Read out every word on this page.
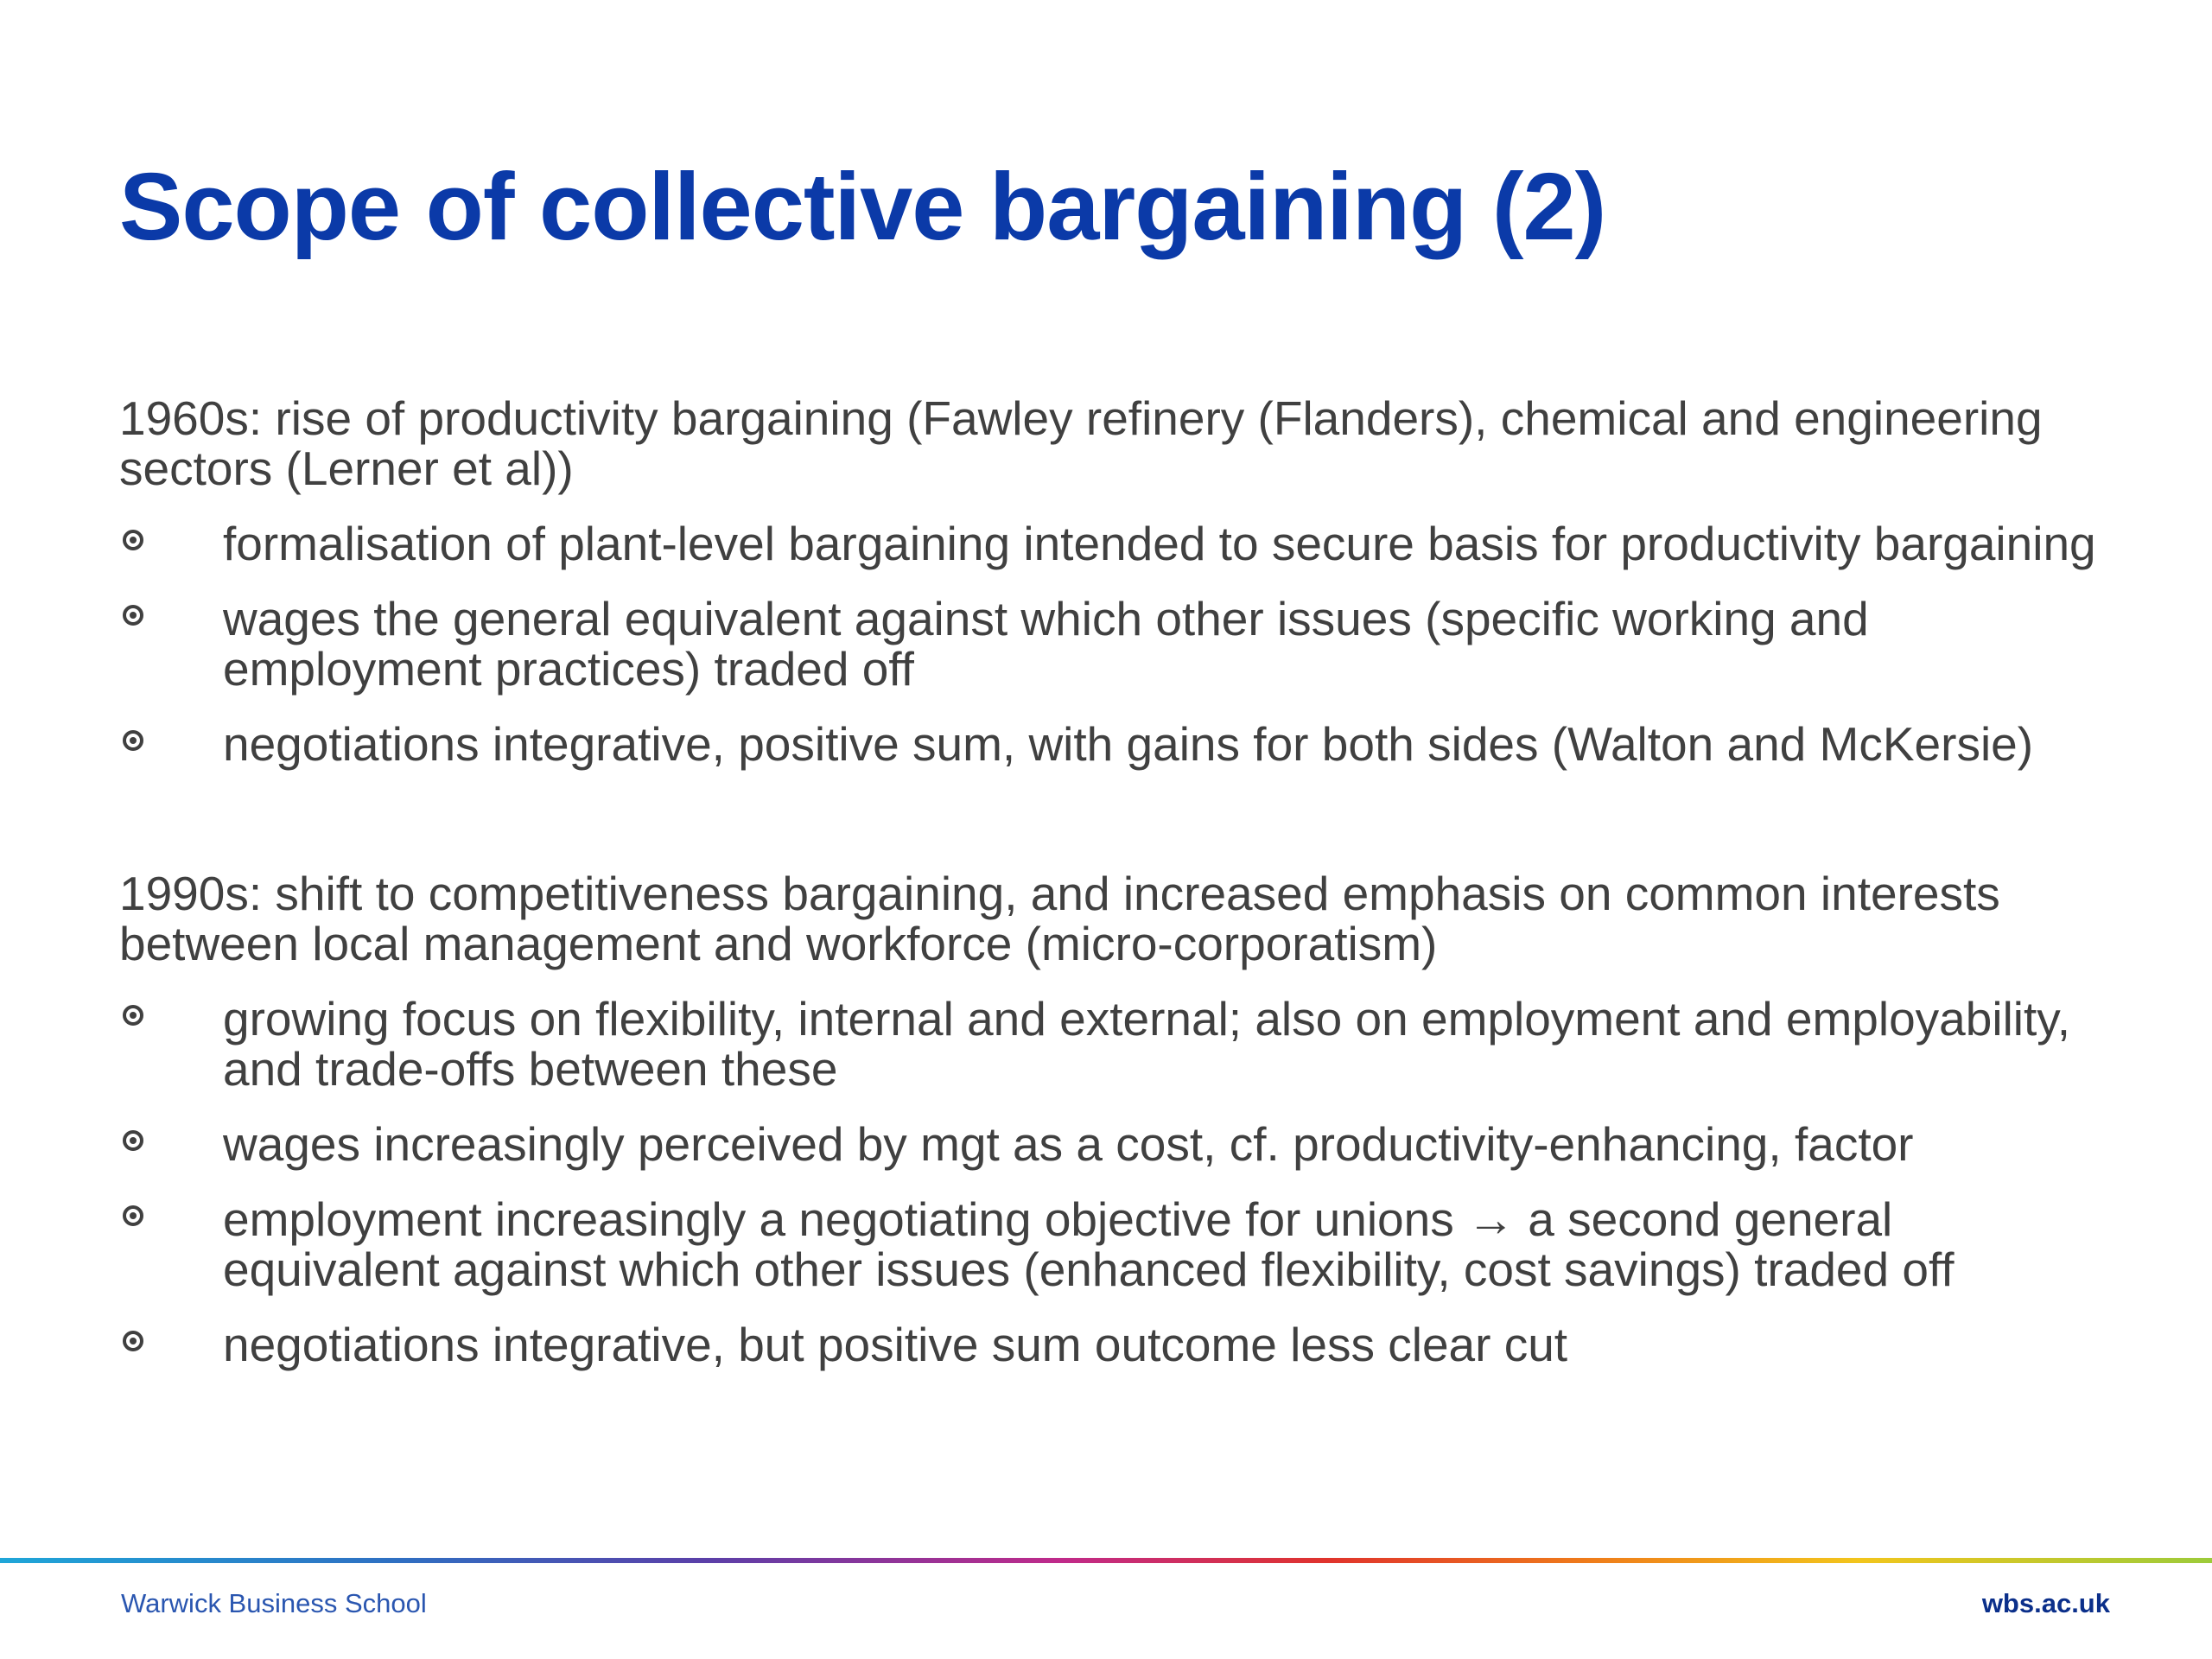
Scope of collective bargaining (2)

1960s: rise of productivity bargaining (Fawley refinery (Flanders), chemical and engineering sectors (Lerner et al))

formalisation of plant-level bargaining intended to secure basis for productivity bargaining
wages the general equivalent against which other issues (specific working and employment practices) traded off
negotiations integrative, positive sum, with gains for both sides (Walton and McKersie)

1990s: shift to competitiveness bargaining, and increased emphasis on common interests between local management and workforce (micro-corporatism)

growing focus on flexibility, internal and external; also on employment and employability, and trade-offs between these
wages increasingly perceived by mgt as a cost, cf. productivity-enhancing, factor
employment increasingly a negotiating objective for unions → a second general equivalent against which other issues (enhanced flexibility, cost savings) traded off
negotiations integrative, but positive sum outcome less clear cut
Warwick Business School	wbs.ac.uk
